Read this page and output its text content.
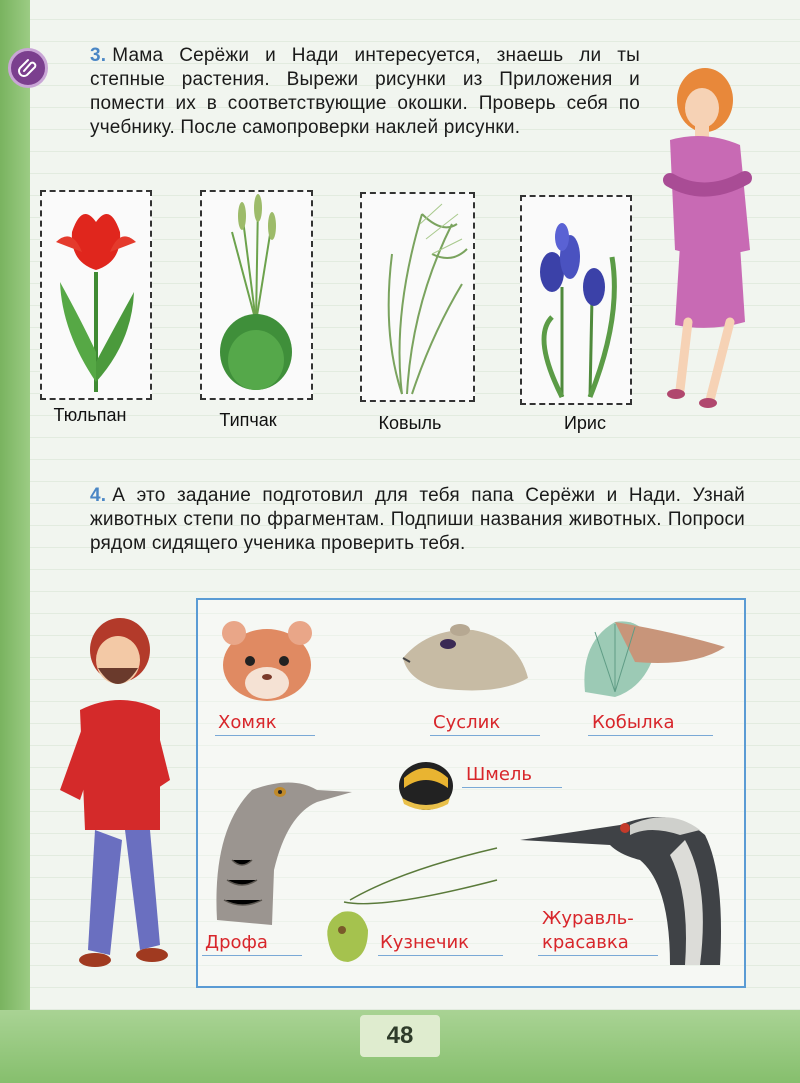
3. Мама Серёжи и Нади интересуется, знаешь ли ты степные растения. Вырежи рисунки из Приложения и помести их в соответствующие окошки. Проверь себя по учебнику. После самопроверки наклей рисунки.
Тюльпан	Типчак	Ковыль	Ирис
4. А это задание подготовил для тебя папа Серёжи и Нади. Узнай животных степи по фрагментам. Подпиши названия животных. Попроси рядом сидящего ученика проверить тебя.
Хомяк	Суслик	Кобылка
Шмель
Дрофа	Кузнечик
Журавль-
красавка
48
